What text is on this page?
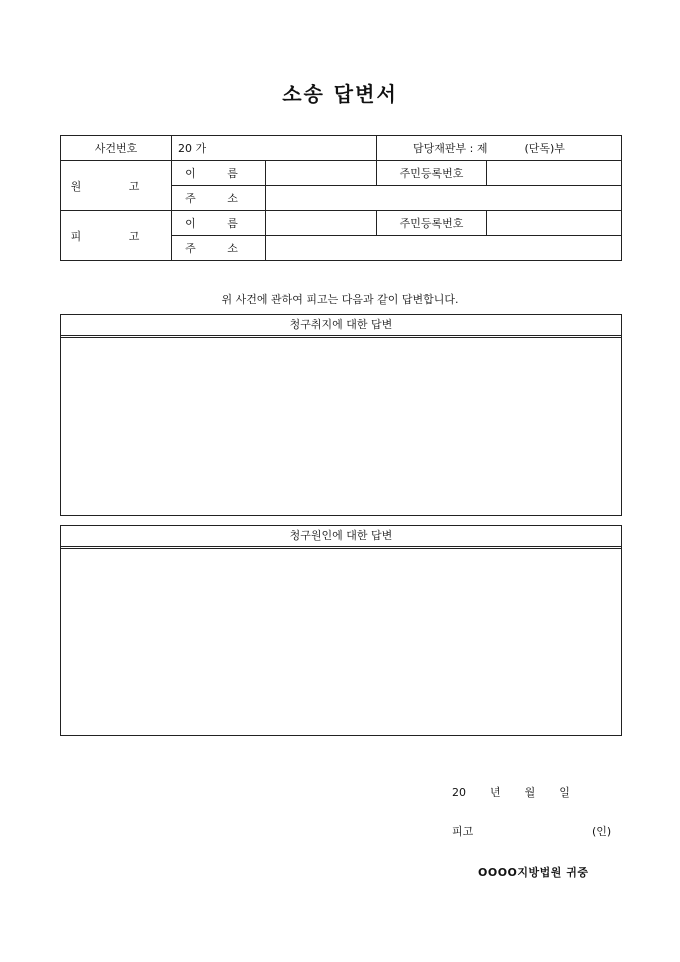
소송 답변서
사건번호	20 가		담당재판부 : 제 (단독)부	
원 고	이 름		주민등록번호	
	주 소			
피 고	이 름		주민등록번호	
	주 소			
위 사건에 관하여 피고는 다음과 같이 답변합니다.
청구취지에 대한 답변
청구원인에 대한 답변
20 년 월 일
피고	(인)
OOOO지방법원 귀중
